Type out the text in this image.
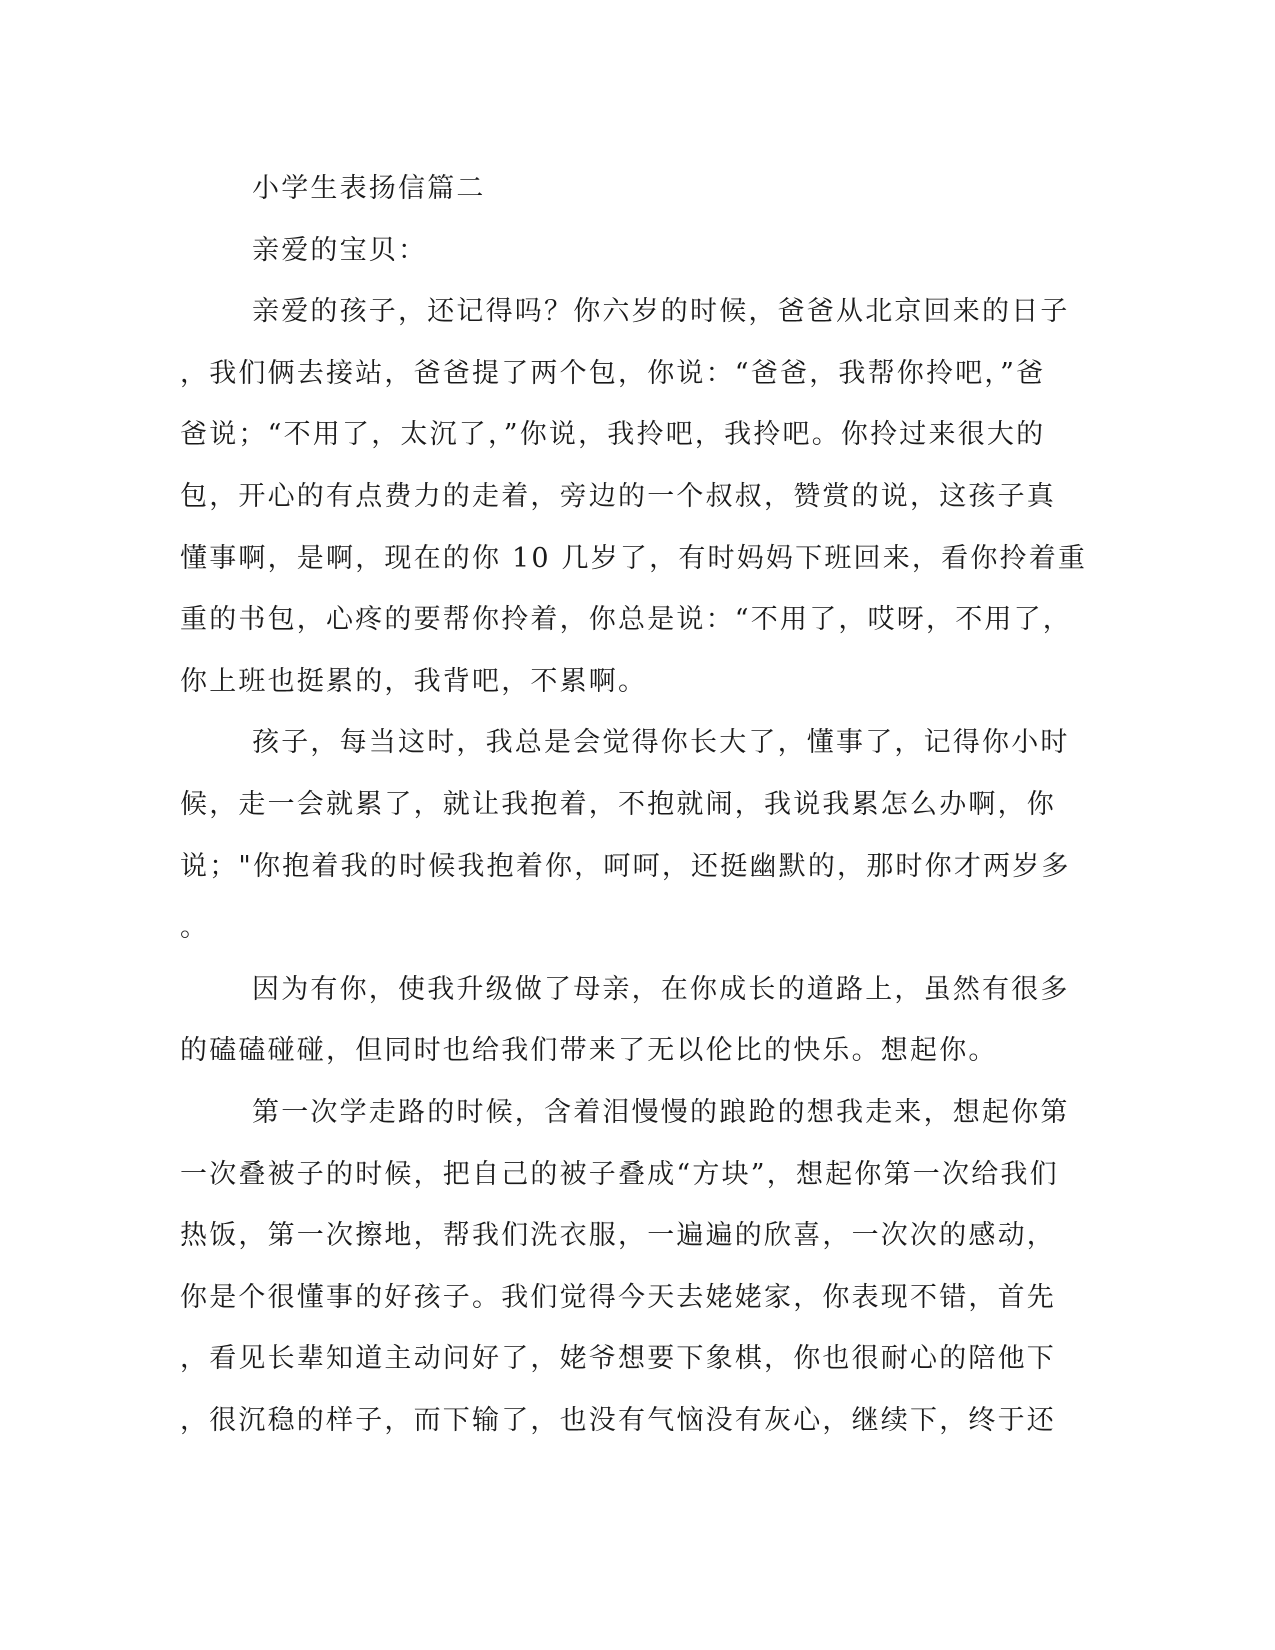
小学生表扬信篇二
亲爱的宝贝：
亲爱的孩子，还记得吗？你六岁的时候，爸爸从北京回来的日子
，我们俩去接站，爸爸提了两个包，你说：“爸爸，我帮你拎吧，”爸
爸说；“不用了，太沉了，”你说，我拎吧，我拎吧。你拎过来很大的
包，开心的有点费力的走着，旁边的一个叔叔，赞赏的说，这孩子真
懂事啊，是啊，现在的你 10 几岁了，有时妈妈下班回来，看你拎着重
重的书包，心疼的要帮你拎着，你总是说：“不用了，哎呀，不用了，
你上班也挺累的，我背吧，不累啊。
孩子，每当这时，我总是会觉得你长大了，懂事了，记得你小时
候，走一会就累了，就让我抱着，不抱就闹，我说我累怎么办啊，你
说；"你抱着我的时候我抱着你，呵呵，还挺幽默的，那时你才两岁多
。
因为有你，使我升级做了母亲，在你成长的道路上，虽然有很多
的磕磕碰碰，但同时也给我们带来了无以伦比的快乐。想起你。
第一次学走路的时候，含着泪慢慢的踉跄的想我走来，想起你第
一次叠被子的时候，把自己的被子叠成“方块”，想起你第一次给我们
热饭，第一次擦地，帮我们洗衣服，一遍遍的欣喜，一次次的感动，
你是个很懂事的好孩子。我们觉得今天去姥姥家，你表现不错，首先
，看见长辈知道主动问好了，姥爷想要下象棋，你也很耐心的陪他下
，很沉稳的样子，而下输了，也没有气恼没有灰心，继续下，终于还
